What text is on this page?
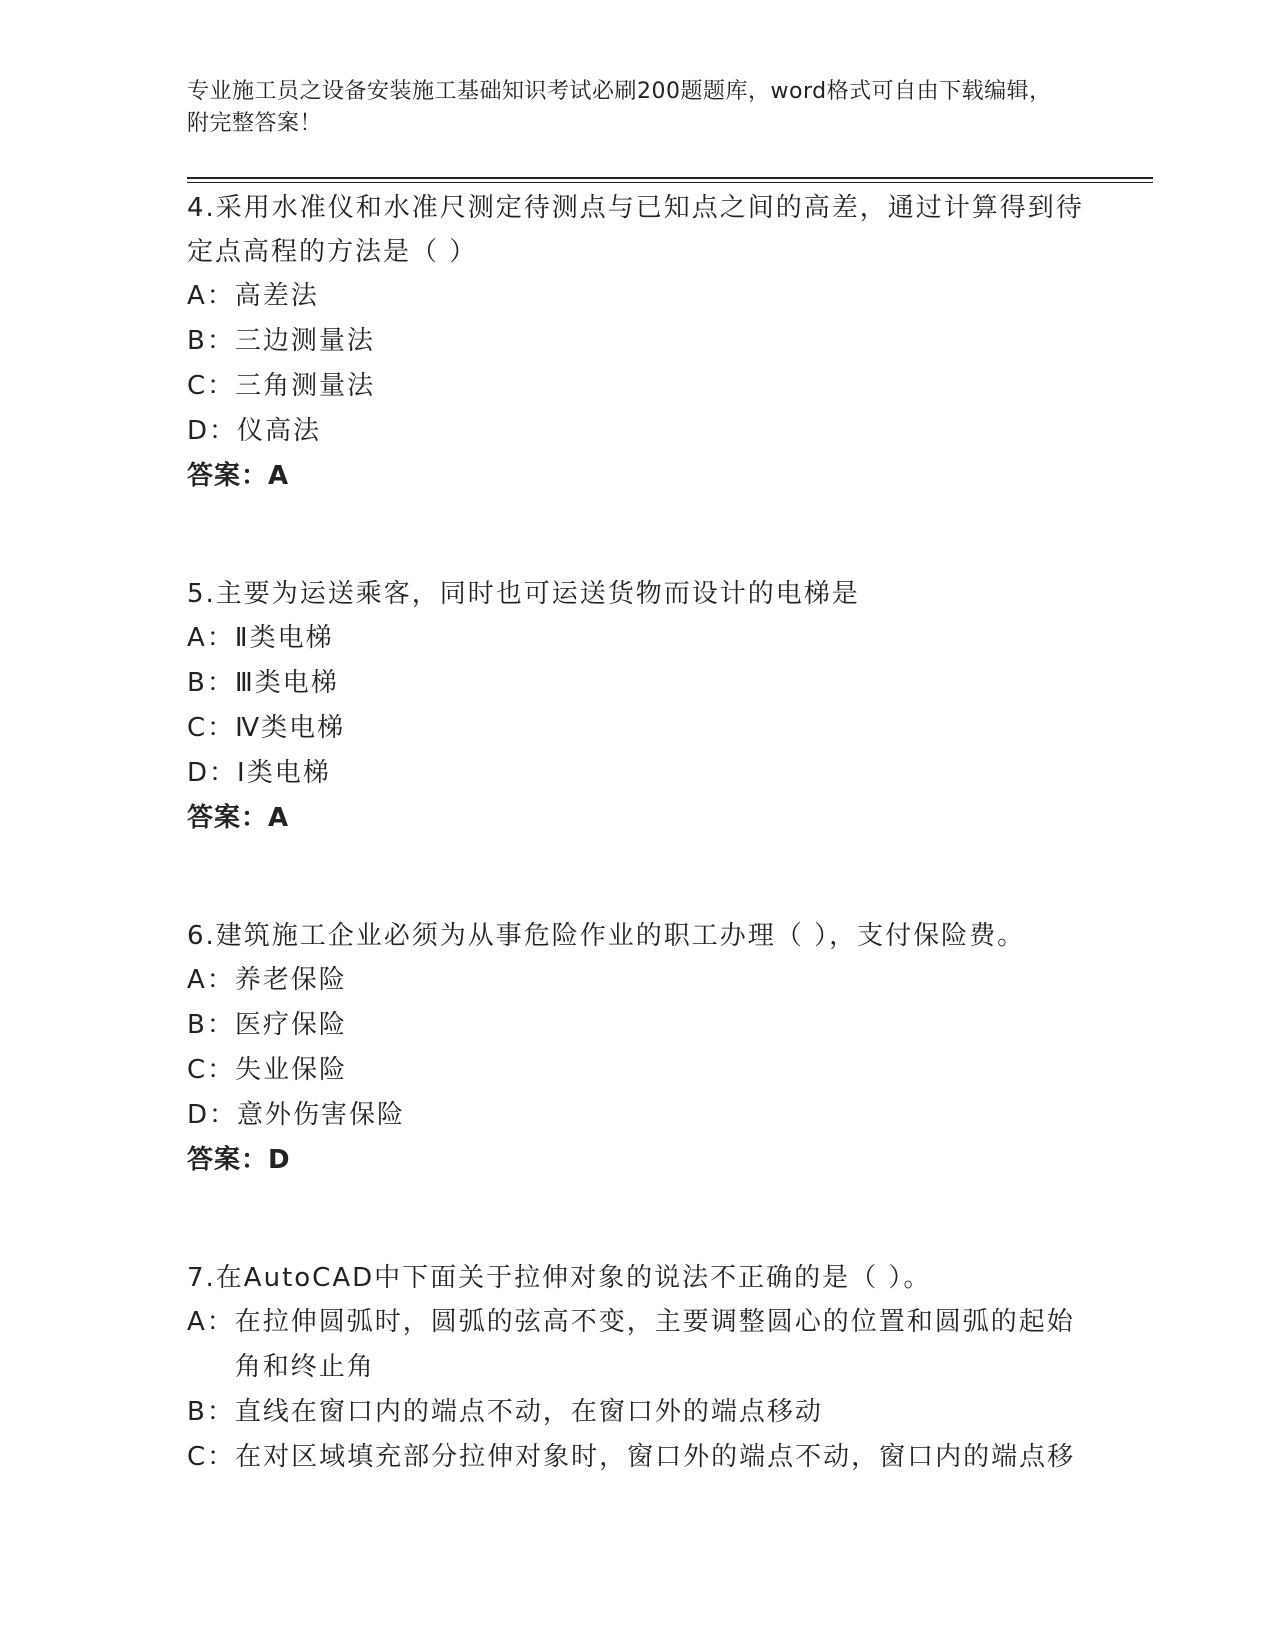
专业施工员之设备安装施工基础知识考试必刷200题题库，word格式可自由下载编辑，附完整答案！
4.采用水准仪和水准尺测定待测点与已知点之间的高差，通过计算得到待定点高程的方法是（ ）
A： 高差法
B： 三边测量法
C： 三角测量法
D： 仪高法
答案：A
5.主要为运送乘客，同时也可运送货物而设计的电梯是
A： Ⅱ类电梯
B： Ⅲ类电梯
C： Ⅳ类电梯
D： Ⅰ类电梯
答案：A
6.建筑施工企业必须为从事危险作业的职工办理（ ），支付保险费。
A： 养老保险
B： 医疗保险
C： 失业保险
D： 意外伤害保险
答案：D
7.在AutoCAD中下面关于拉伸对象的说法不正确的是（ ）。
A： 在拉伸圆弧时，圆弧的弦高不变，主要调整圆心的位置和圆弧的起始角和终止角
B： 直线在窗口内的端点不动，在窗口外的端点移动
C： 在对区域填充部分拉伸对象时，窗口外的端点不动，窗口内的端点移
